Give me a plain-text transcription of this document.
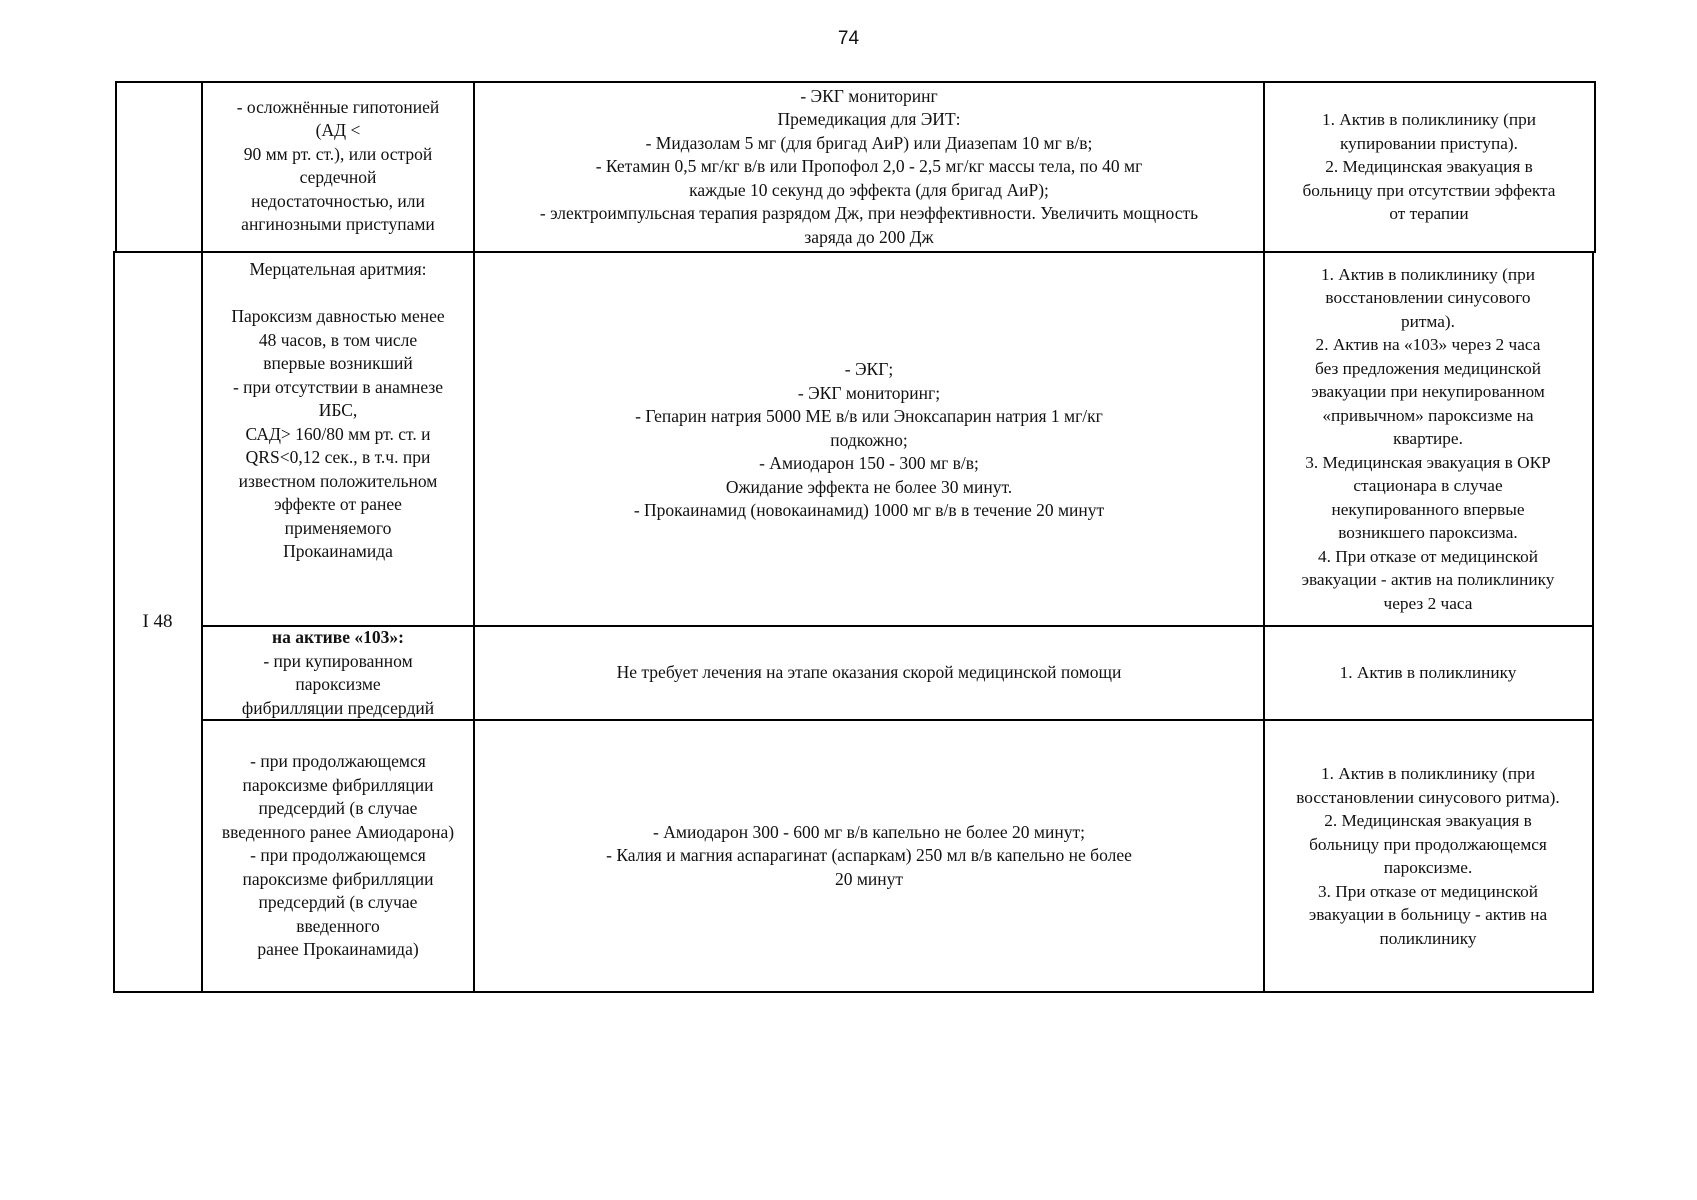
74
- осложнённые гипотонией
(АД <
90 мм рт. ст.), или острой
сердечной
недостаточностью, или
ангинозными приступами
- ЭКГ мониторинг
Премедикация для ЭИТ:
- Мидазолам 5 мг (для бригад АиР) или Диазепам 10 мг в/в;
- Кетамин 0,5 мг/кг в/в или Пропофол 2,0 - 2,5 мг/кг массы тела, по 40 мг
каждые 10 секунд до эффекта (для бригад АиР);
- электроимпульсная терапия разрядом Дж, при неэффективности. Увеличить мощность
заряда до 200 Дж
1. Актив в поликлинику (при
купировании приступа).
2. Медицинская эвакуация в
больницу при отсутствии эффекта
от терапии
I 48
Мерцательная аритмия:
Пароксизм давностью менее
48 часов, в том числе
впервые возникший
- при отсутствии в анамнезе
ИБС,
САД> 160/80 мм рт. ст. и
QRS<0,12 сек., в т.ч. при
известном положительном
эффекте от ранее
применяемого
Прокаинамида
- ЭКГ;
- ЭКГ мониторинг;
- Гепарин натрия 5000 МЕ в/в или Эноксапарин натрия 1 мг/кг
подкожно;
- Амиодарон 150 - 300 мг в/в;
Ожидание эффекта не более 30 минут.
- Прокаинамид (новокаинамид) 1000 мг в/в в течение 20 минут
1. Актив в поликлинику (при
восстановлении синусового
ритма).
2. Актив на «103» через 2 часа
без предложения медицинской
эвакуации при некупированном
«привычном» пароксизме на
квартире.
3. Медицинская эвакуация в ОКР
стационара в случае
некупированного впервые
возникшего пароксизма.
4. При отказе от медицинской
эвакуации - актив на поликлинику
через 2 часа
на активе «103»:
- при купированном
пароксизме
фибрилляции предсердий
Не требует лечения на этапе оказания скорой медицинской помощи	1. Актив в поликлинику
- при продолжающемся
пароксизме фибрилляции
предсердий (в случае
введенного ранее Амиодарона)
- при продолжающемся
пароксизме фибрилляции
предсердий (в случае
введенного
ранее Прокаинамида)
- Амиодарон 300 - 600 мг в/в капельно не более 20 минут;
- Калия и магния аспарагинат (аспаркам) 250 мл в/в капельно не более
20 минут
1. Актив в поликлинику (при
восстановлении синусового ритма).
2. Медицинская эвакуация в
больницу при продолжающемся
пароксизме.
3. При отказе от медицинской
эвакуации в больницу - актив на
поликлинику
